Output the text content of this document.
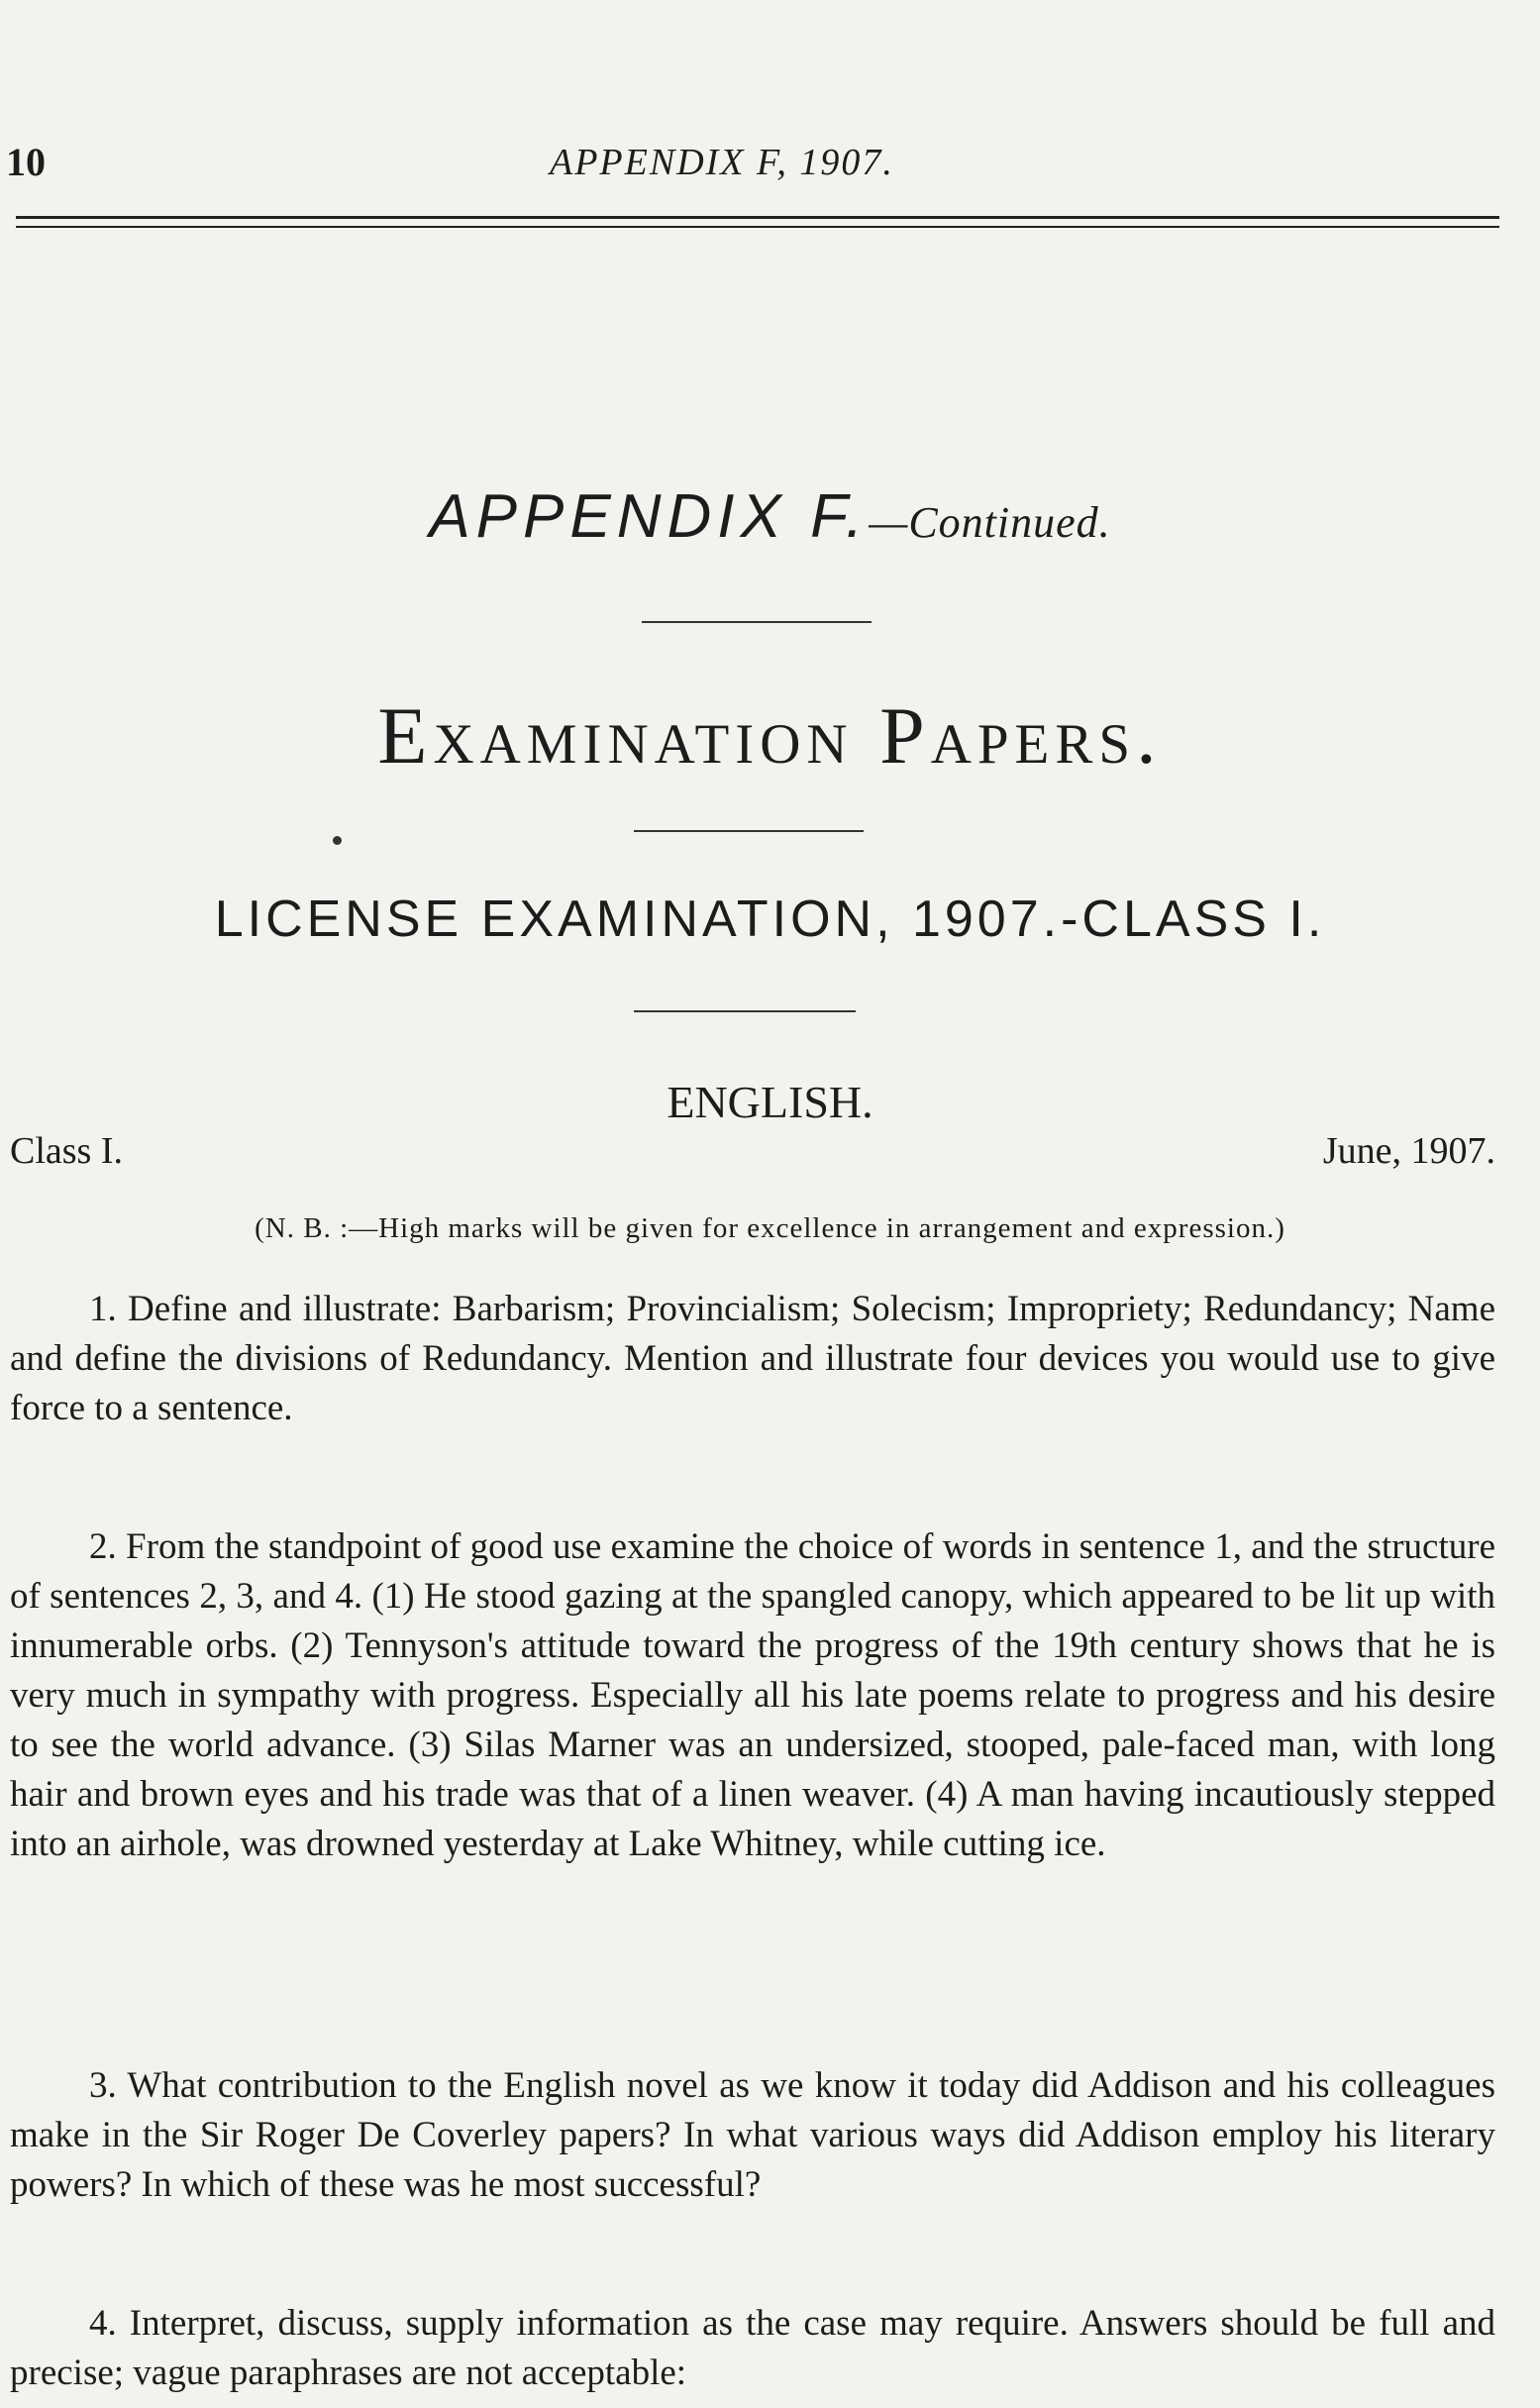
10	APPENDIX F, 1907.
APPENDIX F.—Continued.
Examination Papers.
LICENSE EXAMINATION, 1907.-CLASS I.
ENGLISH.
Class I.	June, 1907.
(N. B. :—High marks will be given for excellence in arrangement and expression.)

1. Define and illustrate: Barbarism; Provincialism; Solecism; Impropriety; Redundancy; Name and define the divisions of Redundancy. Mention and illustrate four devices you would use to give force to a sentence.

2. From the standpoint of good use examine the choice of words in sentence 1, and the structure of sentences 2, 3, and 4. (1) He stood gazing at the spangled canopy, which appeared to be lit up with innumerable orbs. (2) Tennyson's attitude toward the progress of the 19th century shows that he is very much in sympathy with progress. Especially all his late poems relate to progress and his desire to see the world advance. (3) Silas Marner was an undersized, stooped, pale-faced man, with long hair and brown eyes and his trade was that of a linen weaver. (4) A man having incautiously stepped into an airhole, was drowned yesterday at Lake Whitney, while cutting ice.

3. What contribution to the English novel as we know it today did Addison and his colleagues make in the Sir Roger De Coverley papers? In what various ways did Addison employ his literary powers? In which of these was he most successful?

4. Interpret, discuss, supply information as the case may require. Answers should be full and precise; vague paraphrases are not acceptable:
